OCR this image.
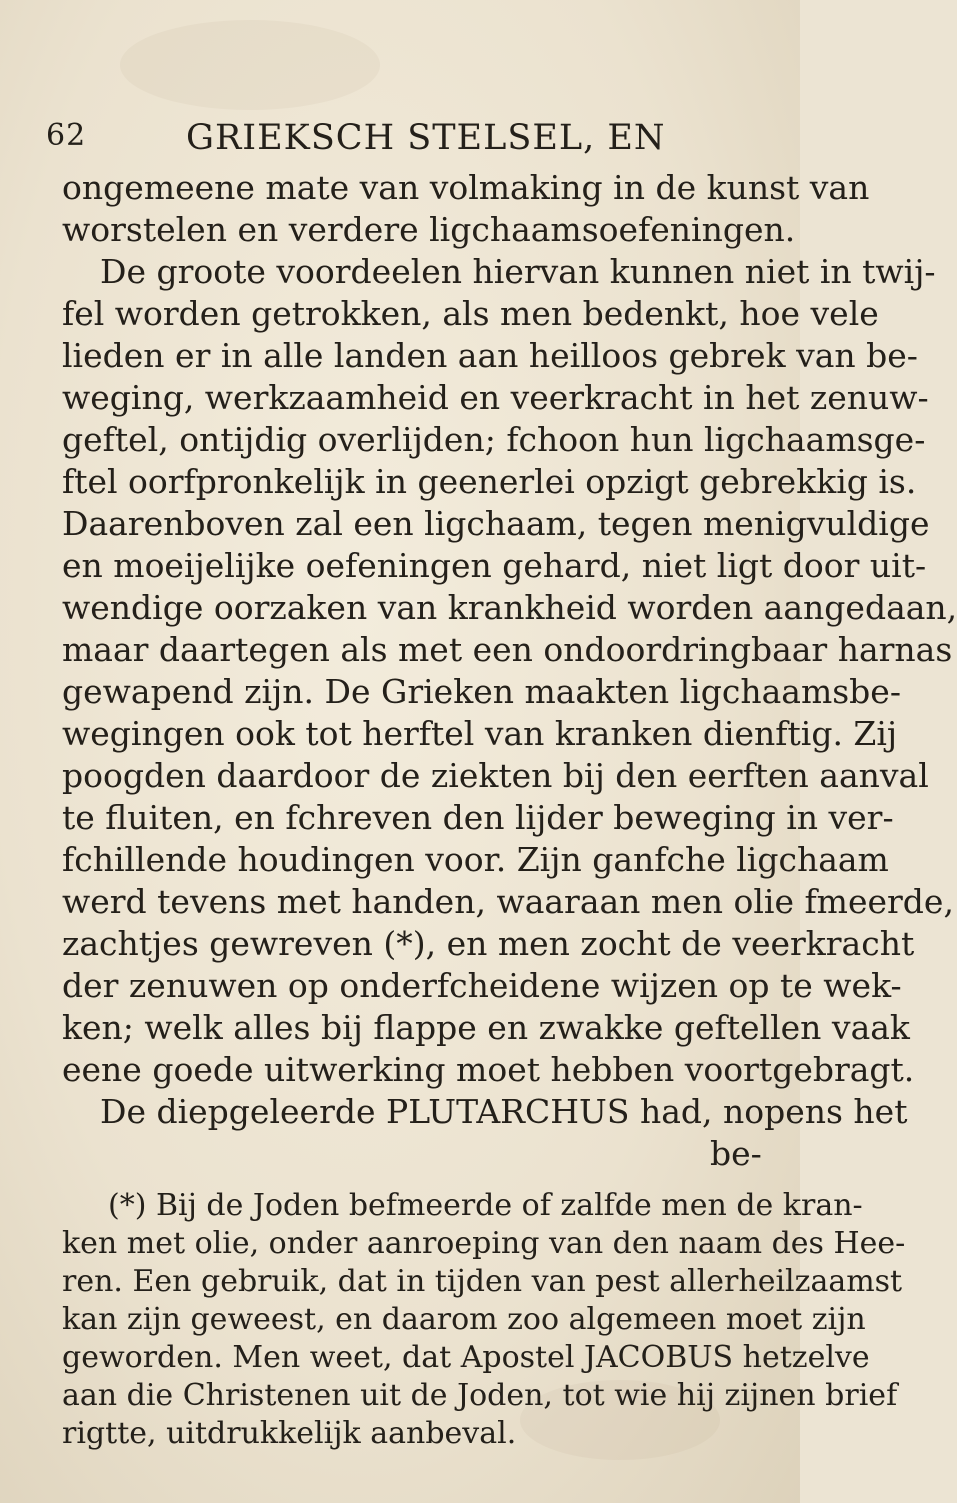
62	GRIEKSCH STELSEL, EN
ongemeene mate van volmaking in de kunst van
worstelen en verdere ligchaamsoefeningen.
De groote voordeelen hiervan kunnen niet in twij-
fel worden getrokken, als men bedenkt, hoe vele
lieden er in alle landen aan heilloos gebrek van be-
weging, werkzaamheid en veerkracht in het zenuw-
geftel, ontijdig overlijden; fchoon hun ligchaamsge-
ftel oorfpronkelijk in geenerlei opzigt gebrekkig is.
Daarenboven zal een ligchaam, tegen menigvuldige
en moeijelijke oefeningen gehard, niet ligt door uit-
wendige oorzaken van krankheid worden aangedaan,
maar daartegen als met een ondoordringbaar harnas
gewapend zijn. De Grieken maakten ligchaamsbe-
wegingen ook tot herftel van kranken dienftig. Zij
poogden daardoor de ziekten bij den eerften aanval
te fluiten, en fchreven den lijder beweging in ver-
fchillende houdingen voor. Zijn ganfche ligchaam
werd tevens met handen, waaraan men olie fmeerde,
zachtjes gewreven (*), en men zocht de veerkracht
der zenuwen op onderfcheidene wijzen op te wek-
ken; welk alles bij flappe en zwakke geftellen vaak
eene goede uitwerking moet hebben voortgebragt.
De diepgeleerde PLUTARCHUS had, nopens het
be-
(*) Bij de Joden befmeerde of zalfde men de kran-
ken met olie, onder aanroeping van den naam des Hee-
ren. Een gebruik, dat in tijden van pest allerheilzaamst
kan zijn geweest, en daarom zoo algemeen moet zijn
geworden. Men weet, dat Apostel JACOBUS hetzelve
aan die Christenen uit de Joden, tot wie hij zijnen brief
rigtte, uitdrukkelijk aanbeval.
